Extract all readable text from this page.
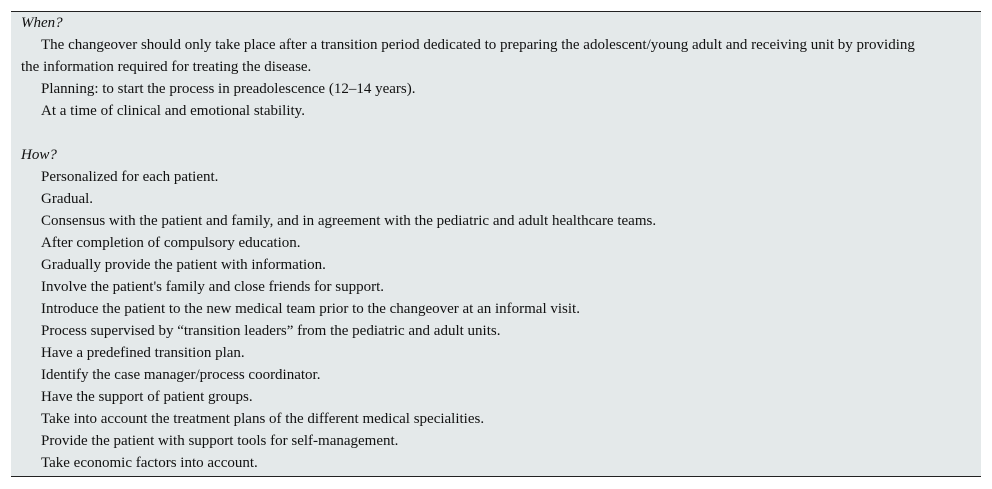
When?
The changeover should only take place after a transition period dedicated to preparing the adolescent/young adult and receiving unit by providing the information required for treating the disease.
Planning: to start the process in preadolescence (12–14 years).
At a time of clinical and emotional stability.
How?
Personalized for each patient.
Gradual.
Consensus with the patient and family, and in agreement with the pediatric and adult healthcare teams.
After completion of compulsory education.
Gradually provide the patient with information.
Involve the patient's family and close friends for support.
Introduce the patient to the new medical team prior to the changeover at an informal visit.
Process supervised by “transition leaders” from the pediatric and adult units.
Have a predefined transition plan.
Identify the case manager/process coordinator.
Have the support of patient groups.
Take into account the treatment plans of the different medical specialities.
Provide the patient with support tools for self-management.
Take economic factors into account.
